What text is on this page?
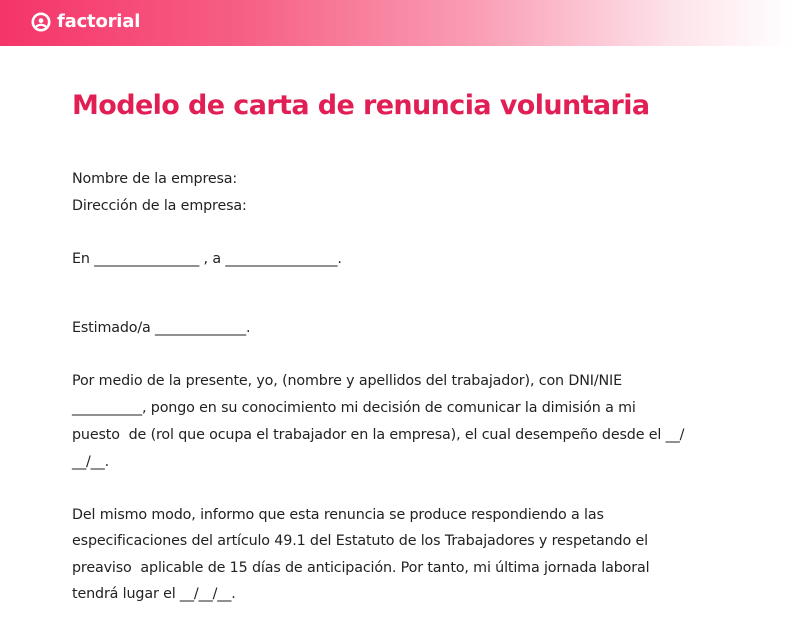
factorial
Modelo de carta de renuncia voluntaria

Nombre de la empresa:

Dirección de la empresa:

En _______________ , a ________________.

Estimado/a _____________.

Por medio de la presente, yo, (nombre y apellidos del trabajador), con DNI/NIE

__________, pongo en su conocimiento mi decisión de comunicar la dimisión a mi

puesto  de (rol que ocupa el trabajador en la empresa), el cual desempeño desde el __/

__/__.

Del mismo modo, informo que esta renuncia se produce respondiendo a las

especificaciones del artículo 49.1 del Estatuto de los Trabajadores y respetando el

preaviso  aplicable de 15 días de anticipación. Por tanto, mi última jornada laboral

tendrá lugar el __/__/__.
